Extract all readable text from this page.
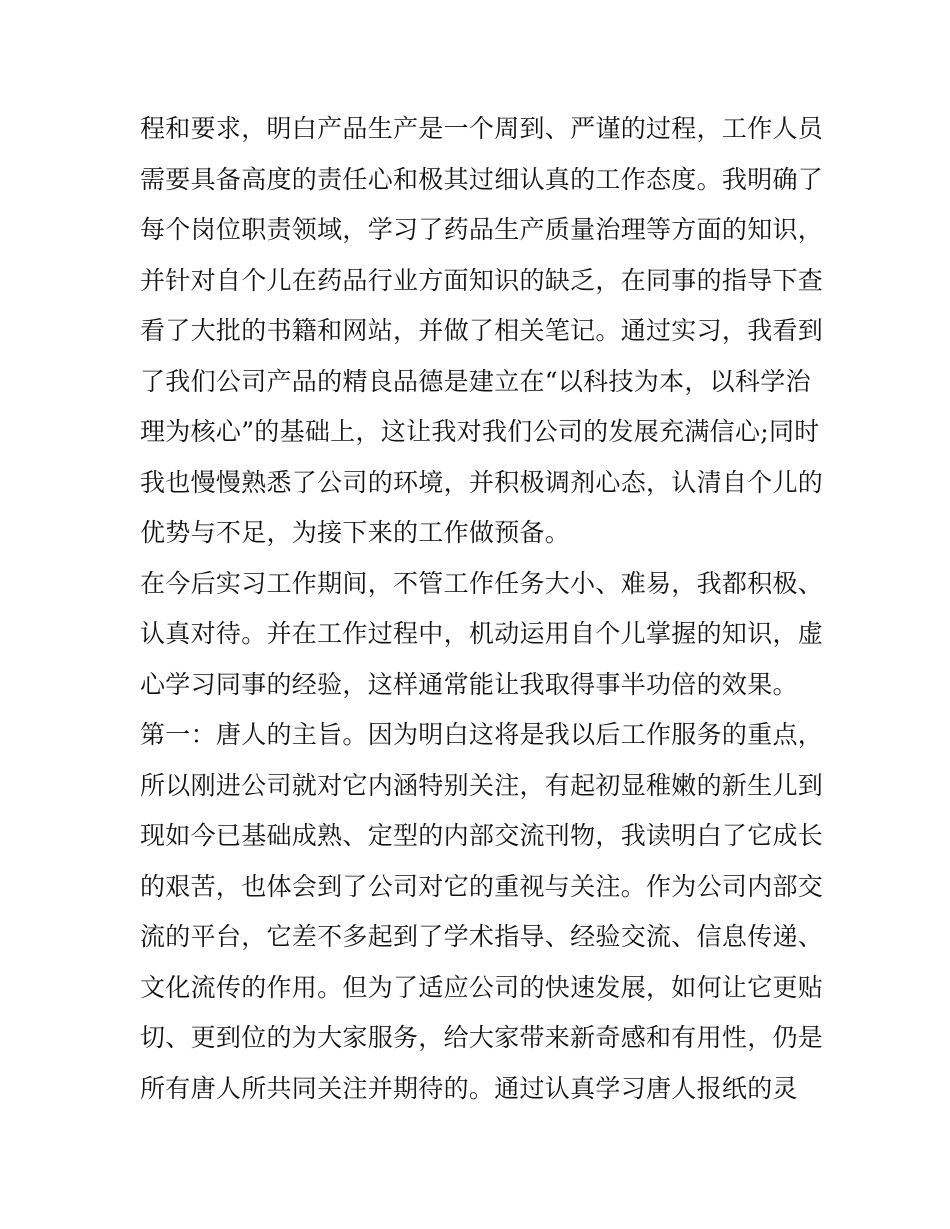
程和要求，明白产品生产是一个周到、严谨的过程，工作人员
需要具备高度的责任心和极其过细认真的工作态度。我明确了
每个岗位职责领域，学习了药品生产质量治理等方面的知识，
并针对自个儿在药品行业方面知识的缺乏，在同事的指导下查
看了大批的书籍和网站，并做了相关笔记。通过实习，我看到
了我们公司产品的精良品德是建立在“以科技为本，以科学治
理为核心”的基础上，这让我对我们公司的发展充满信心;同时
我也慢慢熟悉了公司的环境，并积极调剂心态，认清自个儿的
优势与不足，为接下来的工作做预备。
在今后实习工作期间，不管工作任务大小、难易，我都积极、
认真对待。并在工作过程中，机动运用自个儿掌握的知识，虚
心学习同事的经验，这样通常能让我取得事半功倍的效果。
第一：唐人的主旨。因为明白这将是我以后工作服务的重点，
所以刚进公司就对它内涵特别关注，有起初显稚嫩的新生儿到
现如今已基础成熟、定型的内部交流刊物，我读明白了它成长
的艰苦，也体会到了公司对它的重视与关注。作为公司内部交
流的平台，它差不多起到了学术指导、经验交流、信息传递、
文化流传的作用。但为了适应公司的快速发展，如何让它更贴
切、更到位的为大家服务，给大家带来新奇感和有用性，仍是
所有唐人所共同关注并期待的。通过认真学习唐人报纸的灵
